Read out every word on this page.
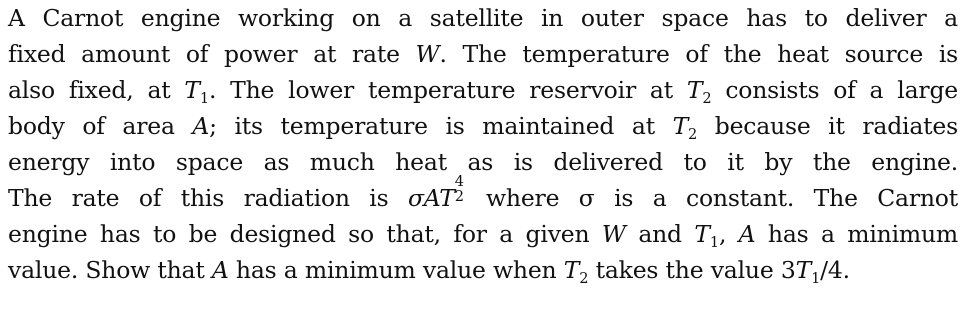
A Carnot engine working on a satellite in outer space has to deliver a
fixed amount of power at rate W. The temperature of the heat source is
also fixed, at $T_1$. The lower temperature reservoir at $T_2$ consists of a large
body of area A; its temperature is maintained at $T_2$ because it radiates
energy into space as much heat as is delivered to it by the engine.
The rate of this radiation is σAT
4
2 where σ is a constant. The Carnot
engine has to be designed so that, for a given W and $T_1$, A has a minimum
value. Show that A has a minimum value when $T_2$ takes the value $3T_1/4$.
